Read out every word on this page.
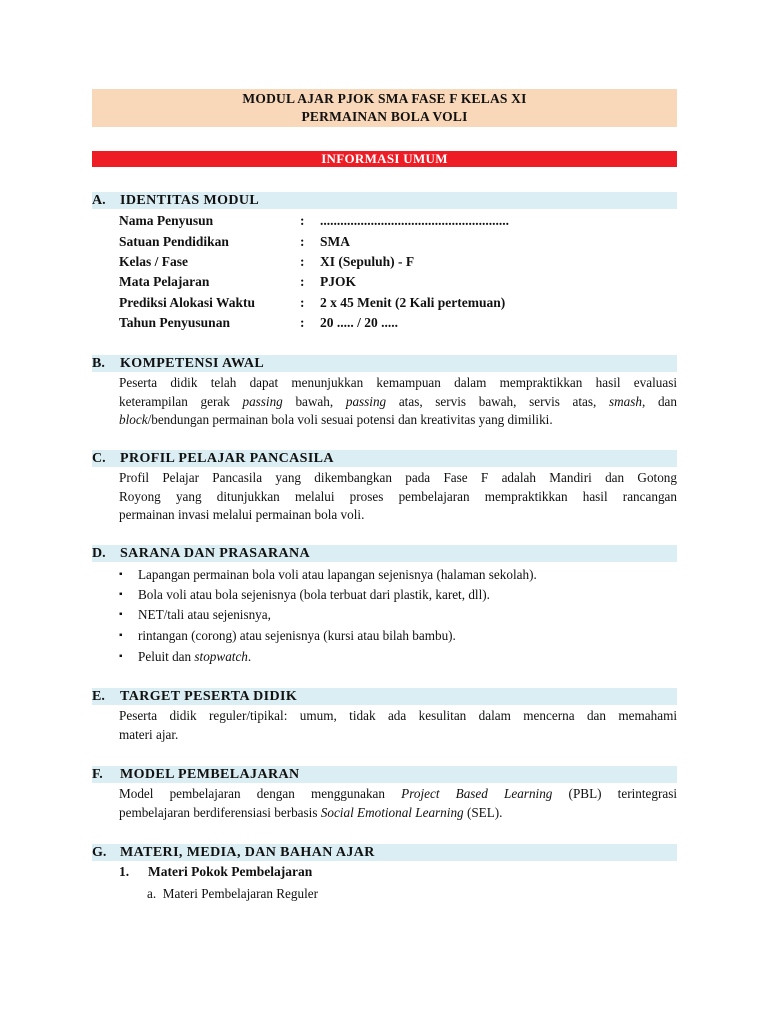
MODUL AJAR PJOK SMA FASE F KELAS XI
PERMAINAN BOLA VOLI
INFORMASI UMUM
A. IDENTITAS MODUL
Nama Penyusun	: ........................................................
Satuan Pendidikan	: SMA
Kelas / Fase	: XI (Sepuluh) - F
Mata Pelajaran	: PJOK
Prediksi Alokasi Waktu	: 2 x 45 Menit (2 Kali pertemuan)
Tahun Penyusunan	: 20 ..... / 20 .....
B. KOMPETENSI AWAL
Peserta didik telah dapat menunjukkan kemampuan dalam mempraktikkan hasil evaluasi
keterampilan gerak passing bawah, passing atas, servis bawah, servis atas, smash, dan
block/bendungan permainan bola voli sesuai potensi dan kreativitas yang dimiliki.
C. PROFIL PELAJAR PANCASILA
Profil Pelajar Pancasila yang dikembangkan pada Fase F adalah Mandiri dan Gotong
Royong yang ditunjukkan melalui proses pembelajaran mempraktikkan hasil rancangan
permainan invasi melalui permainan bola voli.
D. SARANA DAN PRASARANA
▪ Lapangan permainan bola voli atau lapangan sejenisnya (halaman sekolah).
▪ Bola voli atau bola sejenisnya (bola terbuat dari plastik, karet, dll).
▪ NET/tali atau sejenisnya,
▪ rintangan (corong) atau sejenisnya (kursi atau bilah bambu).
▪ Peluit dan stopwatch.
E. TARGET PESERTA DIDIK
Peserta didik reguler/tipikal: umum, tidak ada kesulitan dalam mencerna dan memahami
materi ajar.
F. MODEL PEMBELAJARAN
Model pembelajaran dengan menggunakan Project Based Learning (PBL) terintegrasi
pembelajaran berdiferensiasi berbasis Social Emotional Learning (SEL).
G. MATERI, MEDIA, DAN BAHAN AJAR
1. Materi Pokok Pembelajaran
a. Materi Pembelajaran Reguler
